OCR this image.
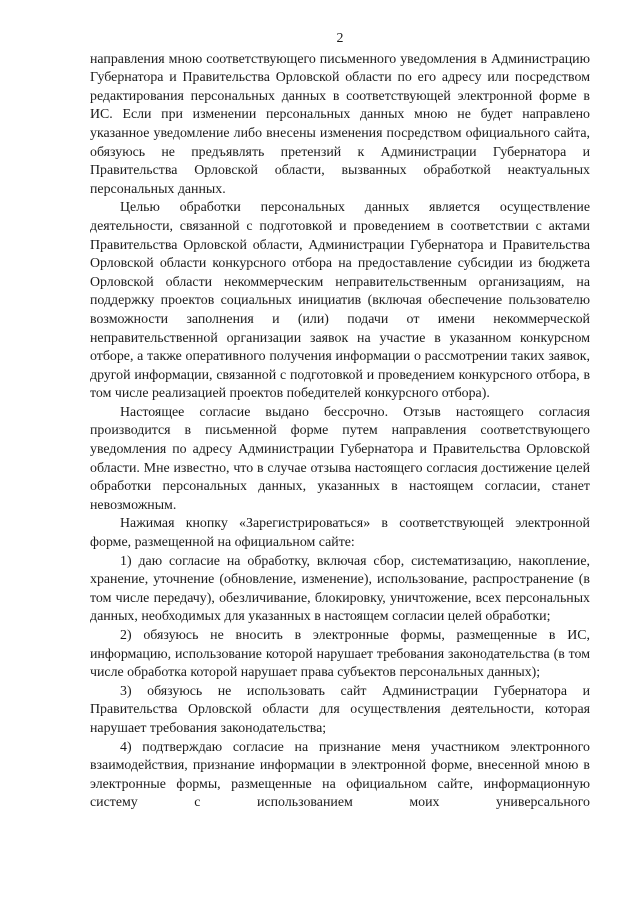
2

направления мною соответствующего письменного уведомления в Администрацию Губернатора и Правительства Орловской области по его адресу или посредством редактирования персональных данных в соответствующей электронной форме в ИС. Если при изменении персональных данных мною не будет направлено указанное уведомление либо внесены изменения посредством официального сайта, обязуюсь не предъявлять претензий к Администрации Губернатора и Правительства Орловской области, вызванных обработкой неактуальных персональных данных.

Целью обработки персональных данных является осуществление деятельности, связанной с подготовкой и проведением в соответствии с актами Правительства Орловской области, Администрации Губернатора и Правительства Орловской области конкурсного отбора на предоставление субсидии из бюджета Орловской области некоммерческим неправительственным организациям, на поддержку проектов социальных инициатив (включая обеспечение пользователю возможности заполнения и (или) подачи от имени некоммерческой неправительственной организации заявок на участие в указанном конкурсном отборе, а также оперативного получения информации о рассмотрении таких заявок, другой информации, связанной с подготовкой и проведением конкурсного отбора, в том числе реализацией проектов победителей конкурсного отбора).

Настоящее согласие выдано бессрочно. Отзыв настоящего согласия производится в письменной форме путем направления соответствующего уведомления по адресу Администрации Губернатора и Правительства Орловской области. Мне известно, что в случае отзыва настоящего согласия достижение целей обработки персональных данных, указанных в настоящем согласии, станет невозможным.

Нажимая кнопку «Зарегистрироваться» в соответствующей электронной форме, размещенной на официальном сайте:

1) даю согласие на обработку, включая сбор, систематизацию, накопление, хранение, уточнение (обновление, изменение), использование, распространение (в том числе передачу), обезличивание, блокировку, уничтожение, всех персональных данных, необходимых для указанных в настоящем согласии целей обработки;

2) обязуюсь не вносить в электронные формы, размещенные в ИС, информацию, использование которой нарушает требования законодательства (в том числе обработка которой нарушает права субъектов персональных данных);

3) обязуюсь не использовать сайт Администрации Губернатора и Правительства Орловской области для осуществления деятельности, которая нарушает требования законодательства;

4) подтверждаю согласие на признание меня участником электронного взаимодействия, признание информации в электронной форме, внесенной мною в электронные формы, размещенные на официальном сайте, информационную систему с использованием моих универсального
